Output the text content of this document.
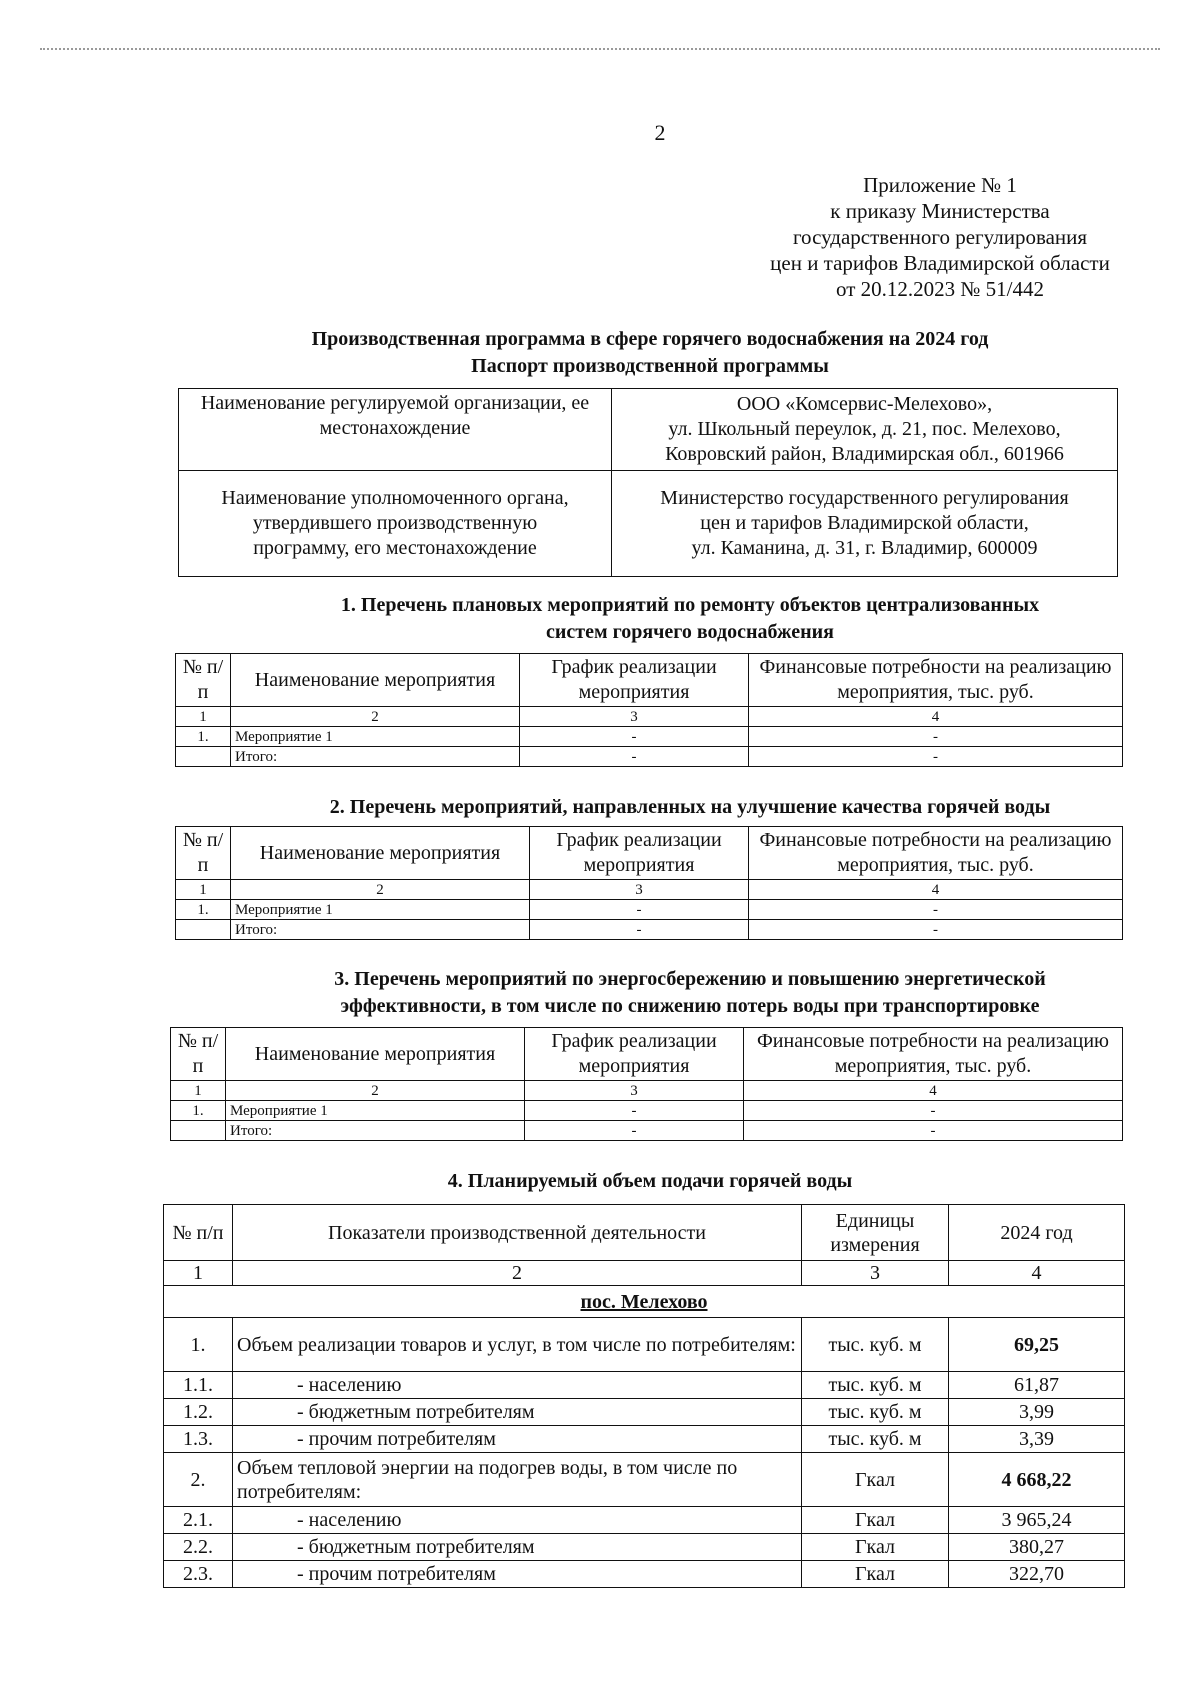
2
Приложение № 1
к приказу Министерства
государственного регулирования
цен и тарифов Владимирской области
от 20.12.2023 № 51/442
Производственная программа в сфере горячего водоснабжения на 2024 год
Паспорт производственной программы
Наименование регулируемой организации, ее местонахождение	ООО «Комсервис-Мелехово»,
ул. Школьный переулок, д. 21, пос. Мелехово,
Ковровский район, Владимирская обл., 601966

Наименование уполномоченного органа, утвердившего производственную программу, его местонахождение	Министерство государственного регулирования
цен и тарифов Владимирской области,
ул. Каманина, д. 31, г. Владимир, 600009
1. Перечень плановых мероприятий по ремонту объектов централизованных
систем горячего водоснабжения
№ п/п	Наименование мероприятия	График реализации мероприятия	Финансовые потребности на реализацию мероприятия, тыс. руб.
1	2	3	4
1.	Мероприятие 1	-	-
	Итого:	-	-
2. Перечень мероприятий, направленных на улучшение качества горячей воды
№ п/п	Наименование мероприятия	График реализации мероприятия	Финансовые потребности на реализацию мероприятия, тыс. руб.
1	2	3	4
1.	Мероприятие 1	-	-
	Итого:	-	-
3. Перечень мероприятий по энергосбережению и повышению энергетической
эффективности, в том числе по снижению потерь воды при транспортировке
№ п/п	Наименование мероприятия	График реализации мероприятия	Финансовые потребности на реализацию мероприятия, тыс. руб.
1	2	3	4
1.	Мероприятие 1	-	-
	Итого:	-	-
4. Планируемый объем подачи горячей воды
№ п/п	Показатели производственной деятельности	Единицы измерения	2024 год
1	2	3	4
пос. Мелехово			
1.	Объем реализации товаров и услуг, в том числе по потребителям:	тыс. куб. м	69,25
1.1.	- населению	тыс. куб. м	61,87
1.2.	- бюджетным потребителям	тыс. куб. м	3,99
1.3.	- прочим потребителям	тыс. куб. м	3,39
2.	Объем тепловой энергии на подогрев воды, в том числе по потребителям:	Гкал	4 668,22
2.1.	- населению	Гкал	3 965,24
2.2.	- бюджетным потребителям	Гкал	380,27
2.3.	- прочим потребителям	Гкал	322,70
